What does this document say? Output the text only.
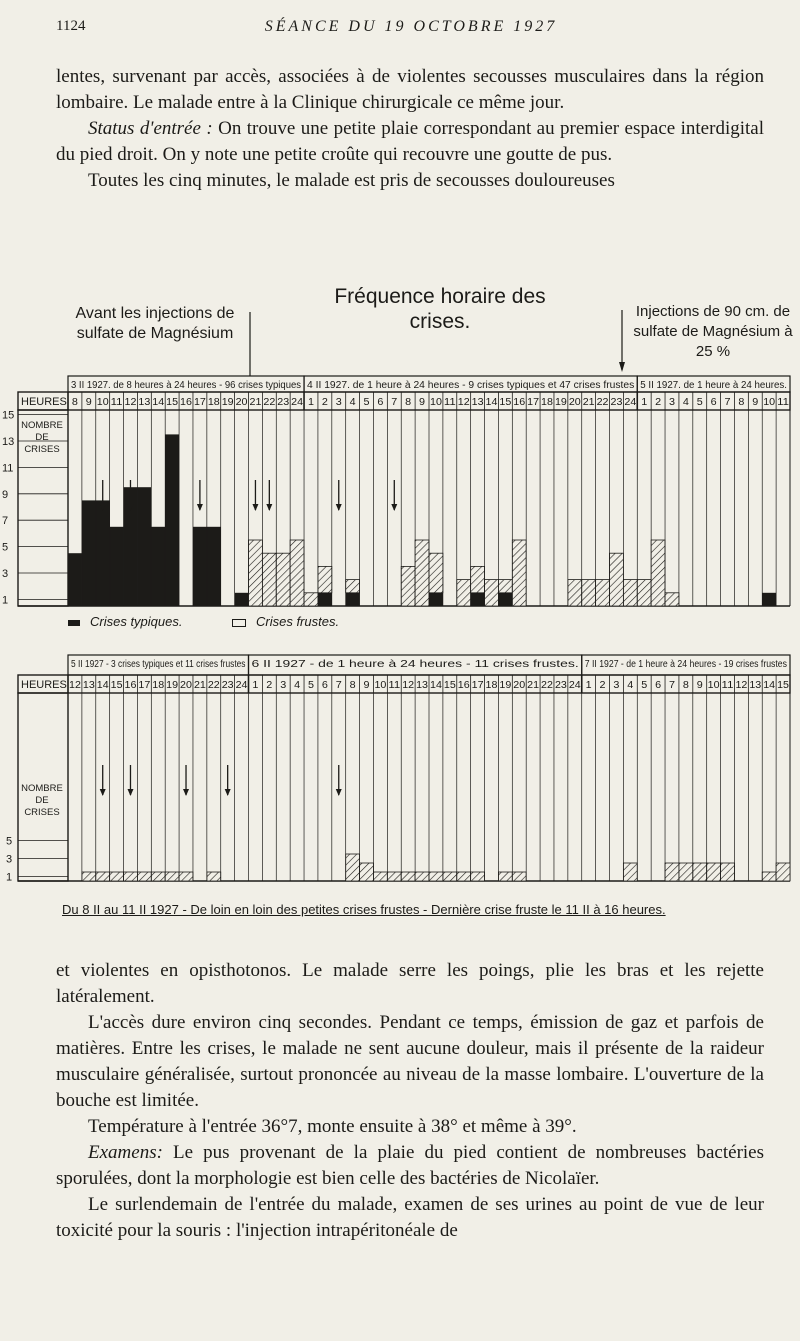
1124	SÉANCE DU 19 OCTOBRE 1927

lentes, survenant par accès, associées à de violentes secousses musculaires dans la région lombaire. Le malade entre à la Clinique chirurgicale ce même jour.

Status d'entrée : On trouve une petite plaie correspondant au premier espace interdigital du pied droit. On y note une petite croûte qui recouvre une goutte de pus.

Toutes les cinq minutes, le malade est pris de secousses douloureuses

Fréquence horaire des crises.
Avant les injections de sulfate de Magnésium
Injections de 90 cm. de sulfate de Magnésium à 25 %
HEURES
NOMBRE
DE
CRISES
15
13
11
9
7
5
3
1
3 II 1927. de 8 heures à 24 heures - 96 crises typiques 4 II 1927. de 1 heure à 24 heures - 9 crises typiques et 47 crises frustes 5 II 1927. de 1 heure à 24 heures.
8 9 10 11 12 13 14 15 16 17 18 19 20 21 22 23 24 1 2 3 4 5 6 7 8 9 10 11 12 13 14 15 16 17 18 19 20 21 22 23 24 1 2 3 4 5 6 7 8 9 10 11
HEURES
NOMBRE
DE
CRISES
5
3
1
5 II 1927 - 3 crises typiques et 11 crises frustes 6 II 1927 - de 1 heure à 24 heures - 11 crises frustes. 7 II 1927 - de 1 heure à 24 heures - 19 crises frustes
12 13 14 15 16 17 18 19 20 21 22 23 24 1 2 3 4 5 6 7 8 9 10 11 12 13 14 15 16 17 18 19 20 21 22 23 24 1 2 3 4 5 6 7 8 9 10 11 12 13 14 15
Crises typiques.	Crises frustes.
Du 8 II au 11 II 1927 - De loin en loin des petites crises frustes - Dernière crise fruste le 11 II à 16 heures.

et violentes en opisthotonos. Le malade serre les poings, plie les bras et les rejette latéralement.

L'accès dure environ cinq secondes. Pendant ce temps, émission de gaz et parfois de matières. Entre les crises, le malade ne sent aucune douleur, mais il présente de la raideur musculaire généralisée, surtout prononcée au niveau de la masse lombaire. L'ouverture de la bouche est limitée.

Température à l'entrée 36°7, monte ensuite à 38° et même à 39°.

Examens: Le pus provenant de la plaie du pied contient de nombreuses bactéries sporulées, dont la morphologie est bien celle des bactéries de Nicolaïer.

Le surlendemain de l'entrée du malade, examen de ses urines au point de vue de leur toxicité pour la souris : l'injection intrapéritonéale de
